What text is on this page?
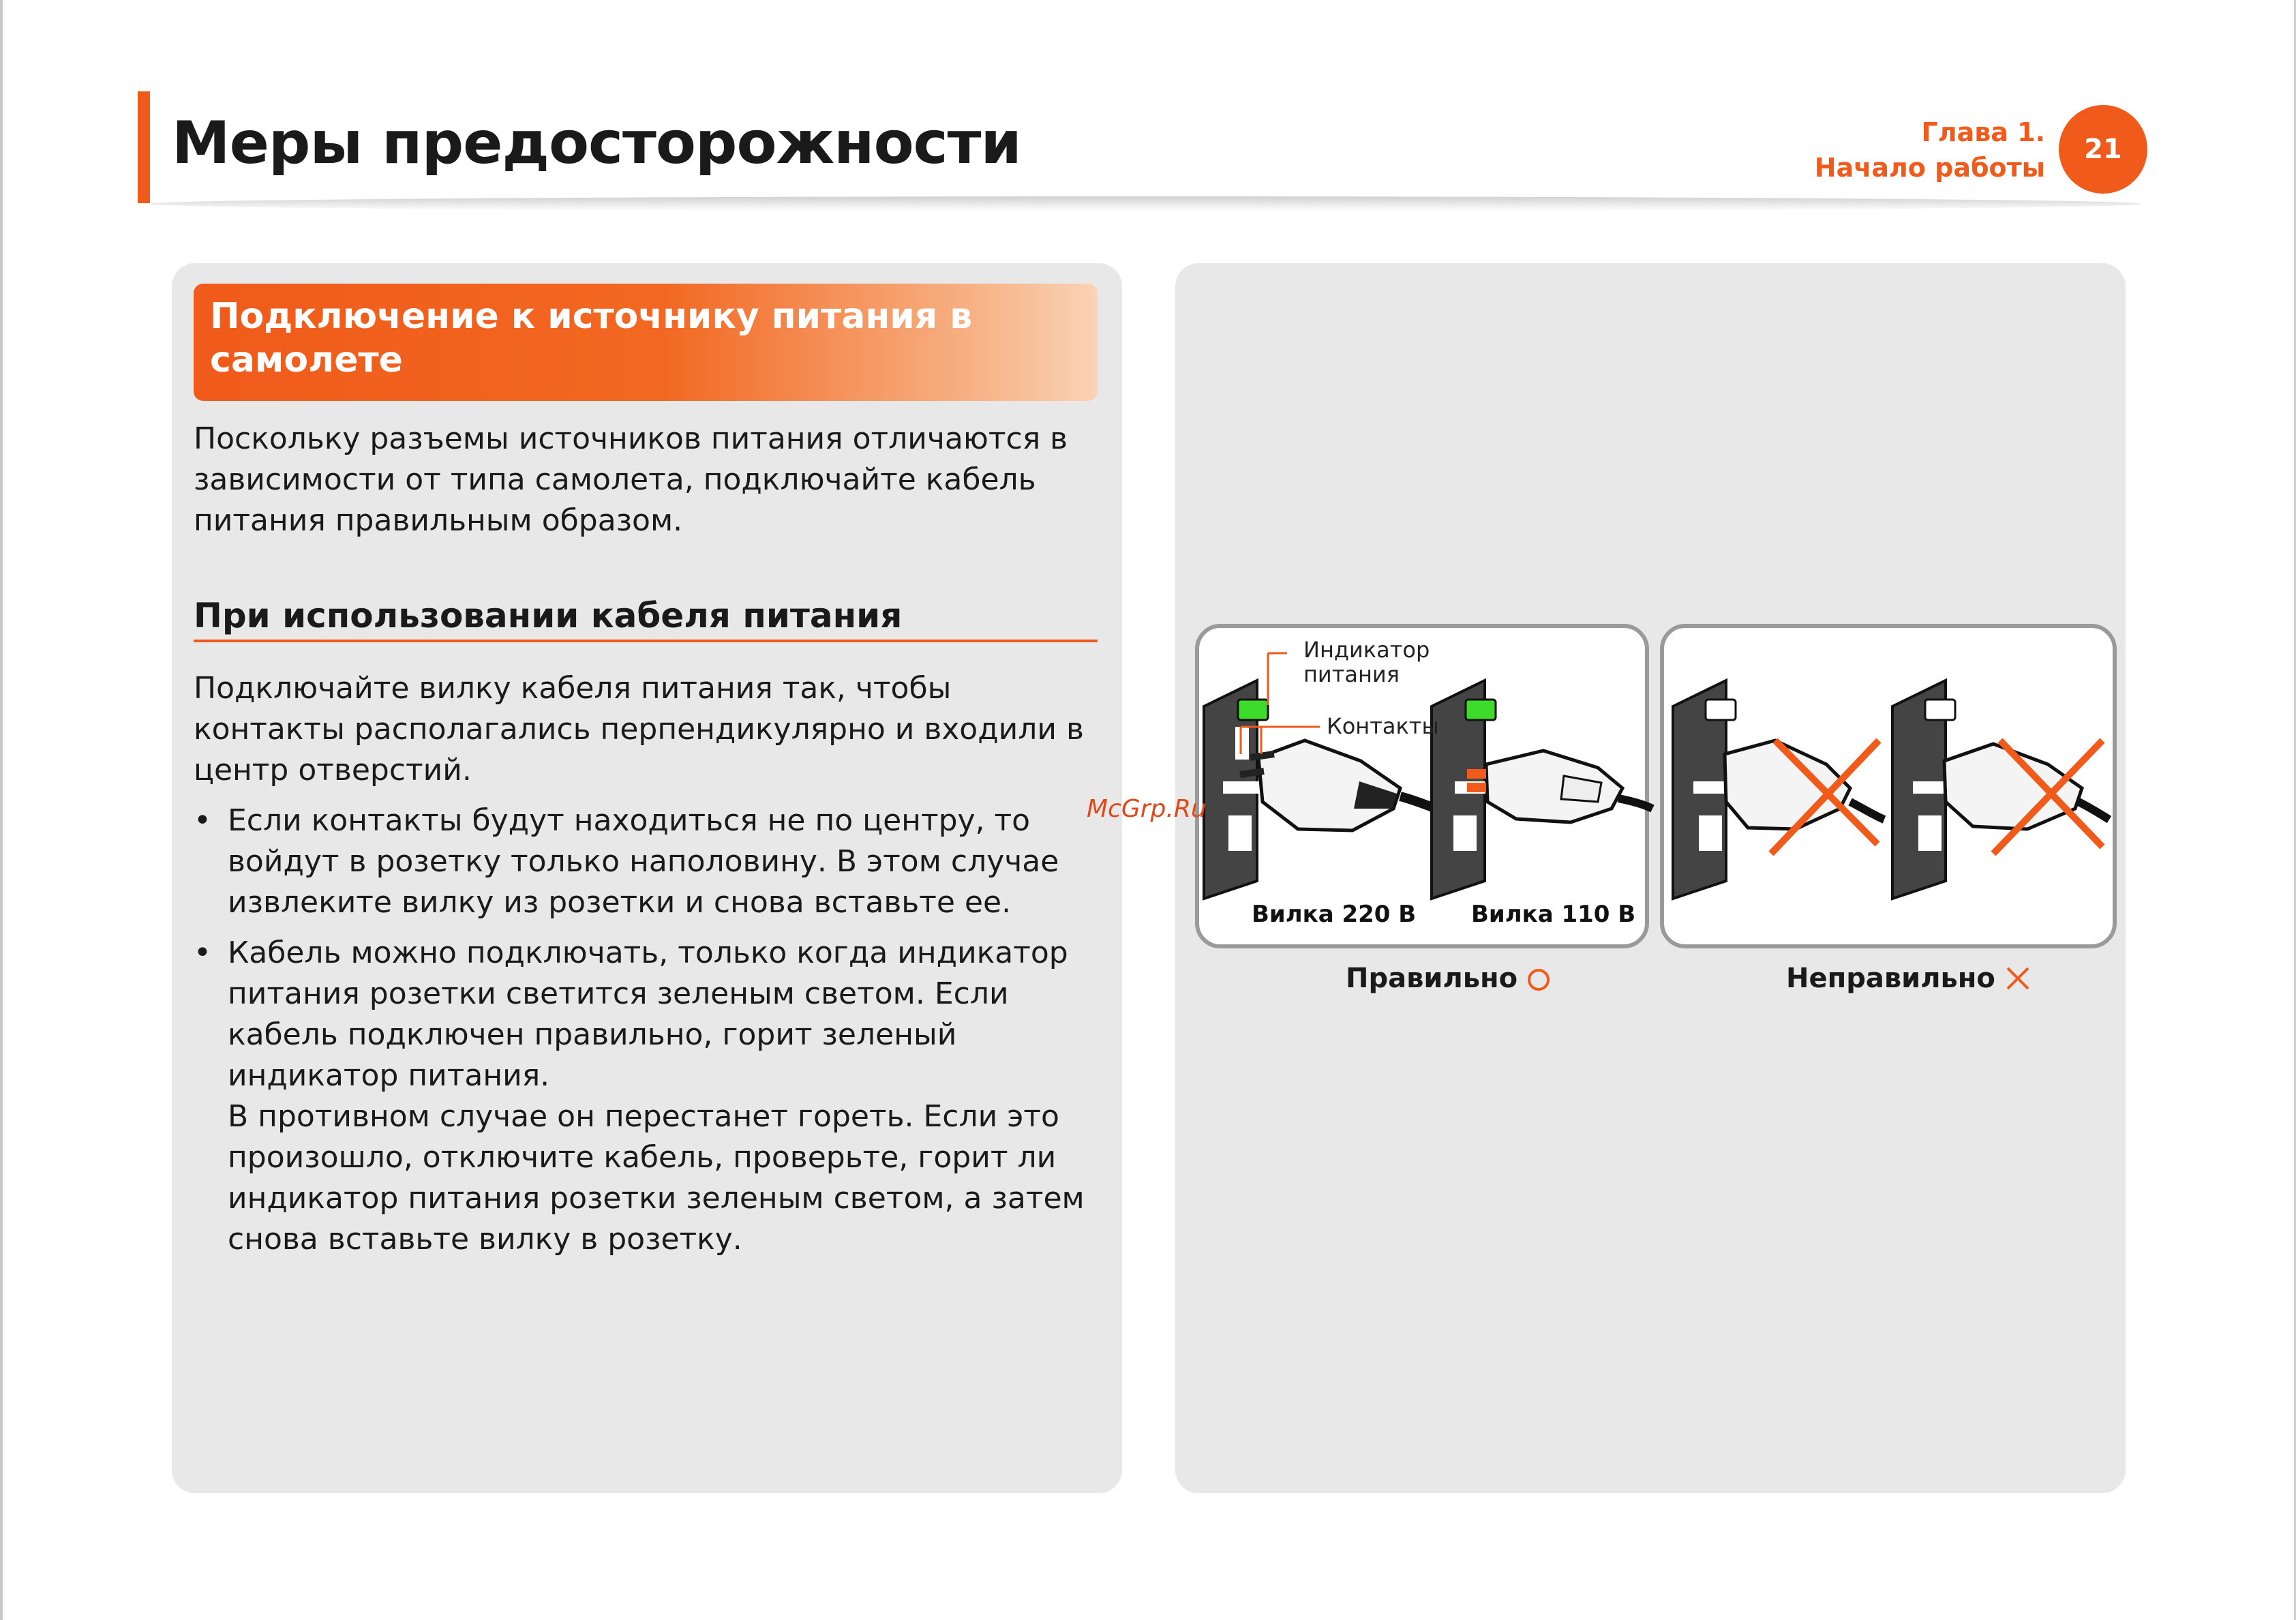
Меры предосторожности	Глава 1.
Начало работы
21
Подключение к источнику питания в самолете

Поскольку разъемы источников питания отличаются в зависимости от типа самолета, подключайте кабель питания правильным образом.

При использовании кабеля питания

Подключайте вилку кабеля питания так, чтобы контакты располагались перпендикулярно и входили в центр отверстий.

• Если контакты будут находиться не по центру, то войдут в розетку только наполовину. В этом случае извлеките вилку из розетки и снова вставьте ее.
• Кабель можно подключать, только когда индикатор питания розетки светится зеленым светом. Если кабель подключен правильно, горит зеленый индикатор питания.
В противном случае он перестанет гореть. Если это произошло, отключите кабель, проверьте, горит ли индикатор питания розетки зеленым светом, а затем снова вставьте вилку в розетку.
Индикатор
питания
Контакты
Вилка 220 В Вилка 110 В
Правильно	Неправильно
McGrp.Ru
